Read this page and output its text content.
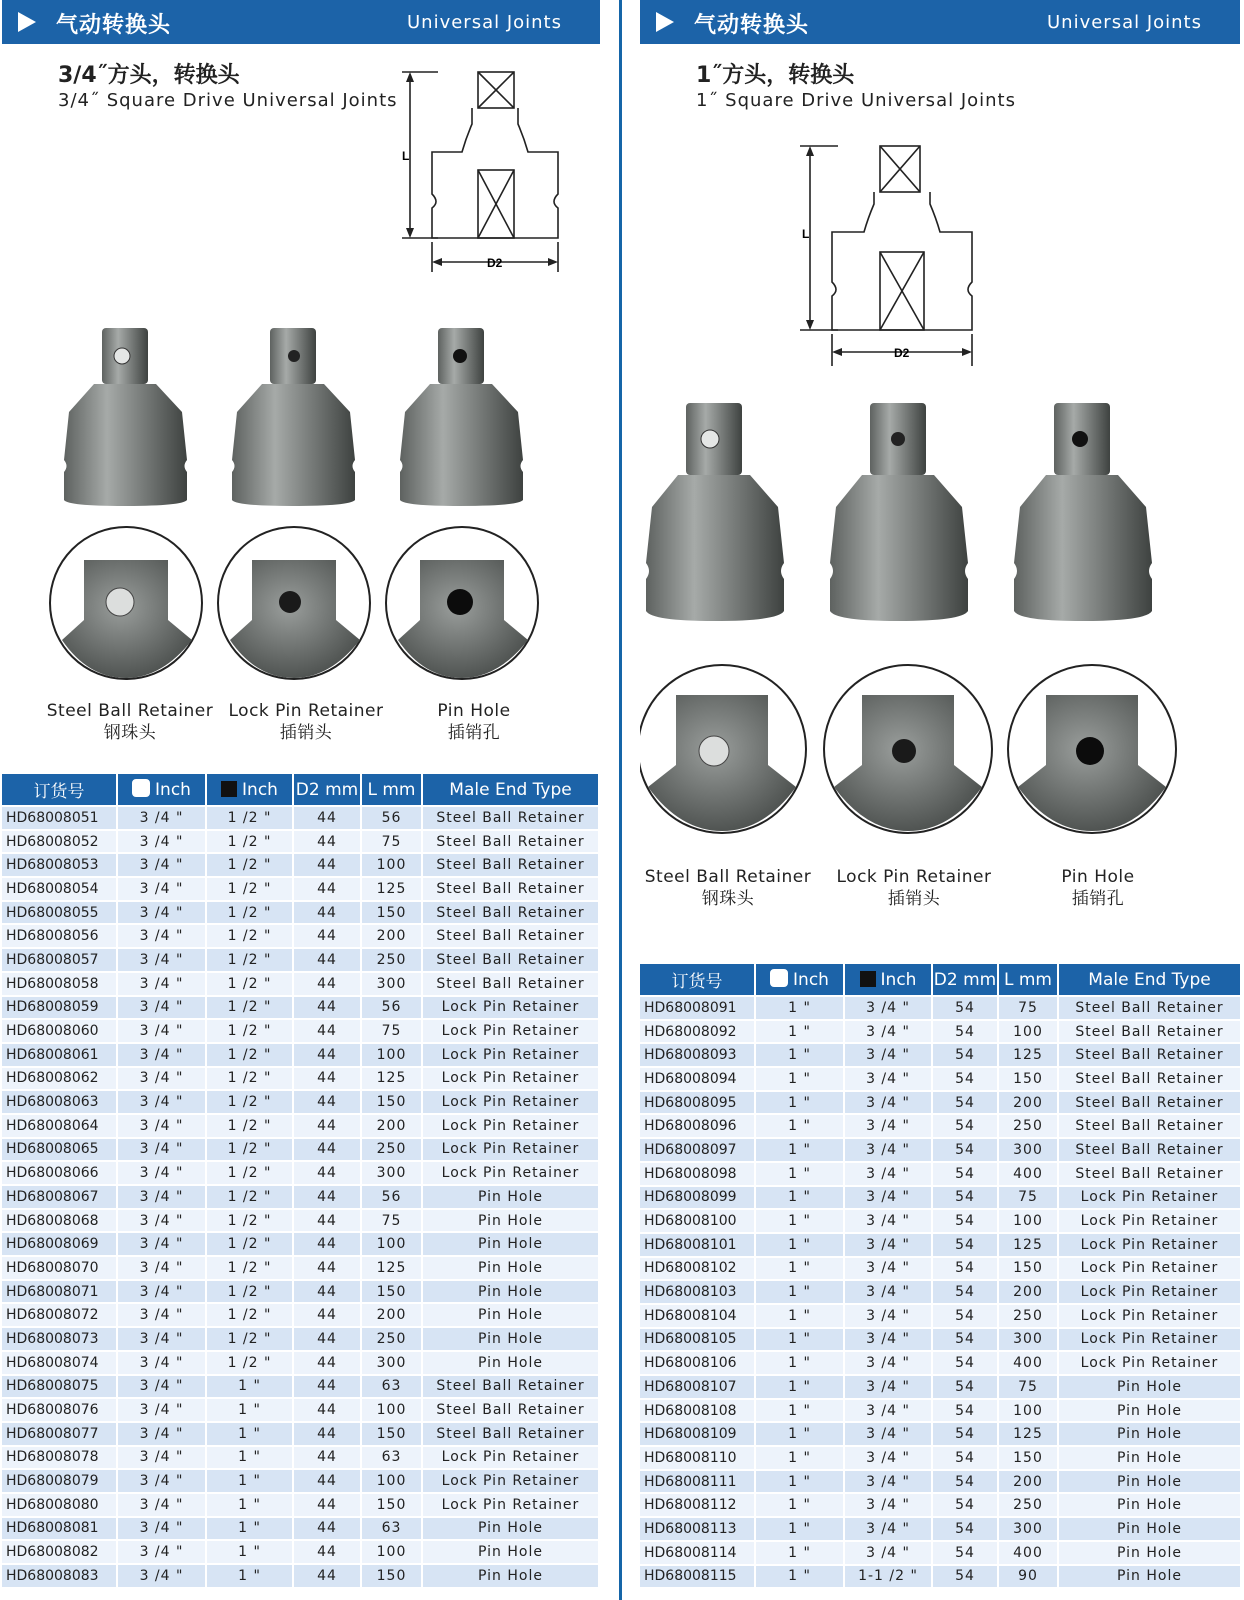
气动转换头	Universal Joints
3/4˝方头，转换头
3/4˝ Square Drive Universal Joints
L
D2
Steel Ball Retainer
钢珠头
Lock Pin Retainer
插销头
Pin Hole
插销孔
订货号	Inch	Inch	D2 mm	L mm	Male End Type
HD68008051	3 /4 "	1 /2 "	44	56	Steel Ball Retainer
HD68008052	3 /4 "	1 /2 "	44	75	Steel Ball Retainer
HD68008053	3 /4 "	1 /2 "	44	100	Steel Ball Retainer
HD68008054	3 /4 "	1 /2 "	44	125	Steel Ball Retainer
HD68008055	3 /4 "	1 /2 "	44	150	Steel Ball Retainer
HD68008056	3 /4 "	1 /2 "	44	200	Steel Ball Retainer
HD68008057	3 /4 "	1 /2 "	44	250	Steel Ball Retainer
HD68008058	3 /4 "	1 /2 "	44	300	Steel Ball Retainer
HD68008059	3 /4 "	1 /2 "	44	56	Lock Pin Retainer
HD68008060	3 /4 "	1 /2 "	44	75	Lock Pin Retainer
HD68008061	3 /4 "	1 /2 "	44	100	Lock Pin Retainer
HD68008062	3 /4 "	1 /2 "	44	125	Lock Pin Retainer
HD68008063	3 /4 "	1 /2 "	44	150	Lock Pin Retainer
HD68008064	3 /4 "	1 /2 "	44	200	Lock Pin Retainer
HD68008065	3 /4 "	1 /2 "	44	250	Lock Pin Retainer
HD68008066	3 /4 "	1 /2 "	44	300	Lock Pin Retainer
HD68008067	3 /4 "	1 /2 "	44	56	Pin Hole
HD68008068	3 /4 "	1 /2 "	44	75	Pin Hole
HD68008069	3 /4 "	1 /2 "	44	100	Pin Hole
HD68008070	3 /4 "	1 /2 "	44	125	Pin Hole
HD68008071	3 /4 "	1 /2 "	44	150	Pin Hole
HD68008072	3 /4 "	1 /2 "	44	200	Pin Hole
HD68008073	3 /4 "	1 /2 "	44	250	Pin Hole
HD68008074	3 /4 "	1 /2 "	44	300	Pin Hole
HD68008075	3 /4 "	1 "	44	63	Steel Ball Retainer
HD68008076	3 /4 "	1 "	44	100	Steel Ball Retainer
HD68008077	3 /4 "	1 "	44	150	Steel Ball Retainer
HD68008078	3 /4 "	1 "	44	63	Lock Pin Retainer
HD68008079	3 /4 "	1 "	44	100	Lock Pin Retainer
HD68008080	3 /4 "	1 "	44	150	Lock Pin Retainer
HD68008081	3 /4 "	1 "	44	63	Pin Hole
HD68008082	3 /4 "	1 "	44	100	Pin Hole
HD68008083	3 /4 "	1 "	44	150	Pin Hole
气动转换头	Universal Joints
1˝方头，转换头
1˝ Square Drive Universal Joints
L
D2
Steel Ball Retainer
钢珠头
Lock Pin Retainer
插销头
Pin Hole
插销孔
订货号	Inch	Inch	D2 mm	L mm	Male End Type
HD68008091	1 "	3 /4 "	54	75	Steel Ball Retainer
HD68008092	1 "	3 /4 "	54	100	Steel Ball Retainer
HD68008093	1 "	3 /4 "	54	125	Steel Ball Retainer
HD68008094	1 "	3 /4 "	54	150	Steel Ball Retainer
HD68008095	1 "	3 /4 "	54	200	Steel Ball Retainer
HD68008096	1 "	3 /4 "	54	250	Steel Ball Retainer
HD68008097	1 "	3 /4 "	54	300	Steel Ball Retainer
HD68008098	1 "	3 /4 "	54	400	Steel Ball Retainer
HD68008099	1 "	3 /4 "	54	75	Lock Pin Retainer
HD68008100	1 "	3 /4 "	54	100	Lock Pin Retainer
HD68008101	1 "	3 /4 "	54	125	Lock Pin Retainer
HD68008102	1 "	3 /4 "	54	150	Lock Pin Retainer
HD68008103	1 "	3 /4 "	54	200	Lock Pin Retainer
HD68008104	1 "	3 /4 "	54	250	Lock Pin Retainer
HD68008105	1 "	3 /4 "	54	300	Lock Pin Retainer
HD68008106	1 "	3 /4 "	54	400	Lock Pin Retainer
HD68008107	1 "	3 /4 "	54	75	Pin Hole
HD68008108	1 "	3 /4 "	54	100	Pin Hole
HD68008109	1 "	3 /4 "	54	125	Pin Hole
HD68008110	1 "	3 /4 "	54	150	Pin Hole
HD68008111	1 "	3 /4 "	54	200	Pin Hole
HD68008112	1 "	3 /4 "	54	250	Pin Hole
HD68008113	1 "	3 /4 "	54	300	Pin Hole
HD68008114	1 "	3 /4 "	54	400	Pin Hole
HD68008115	1 "	1-1 /2 "	54	90	Pin Hole
